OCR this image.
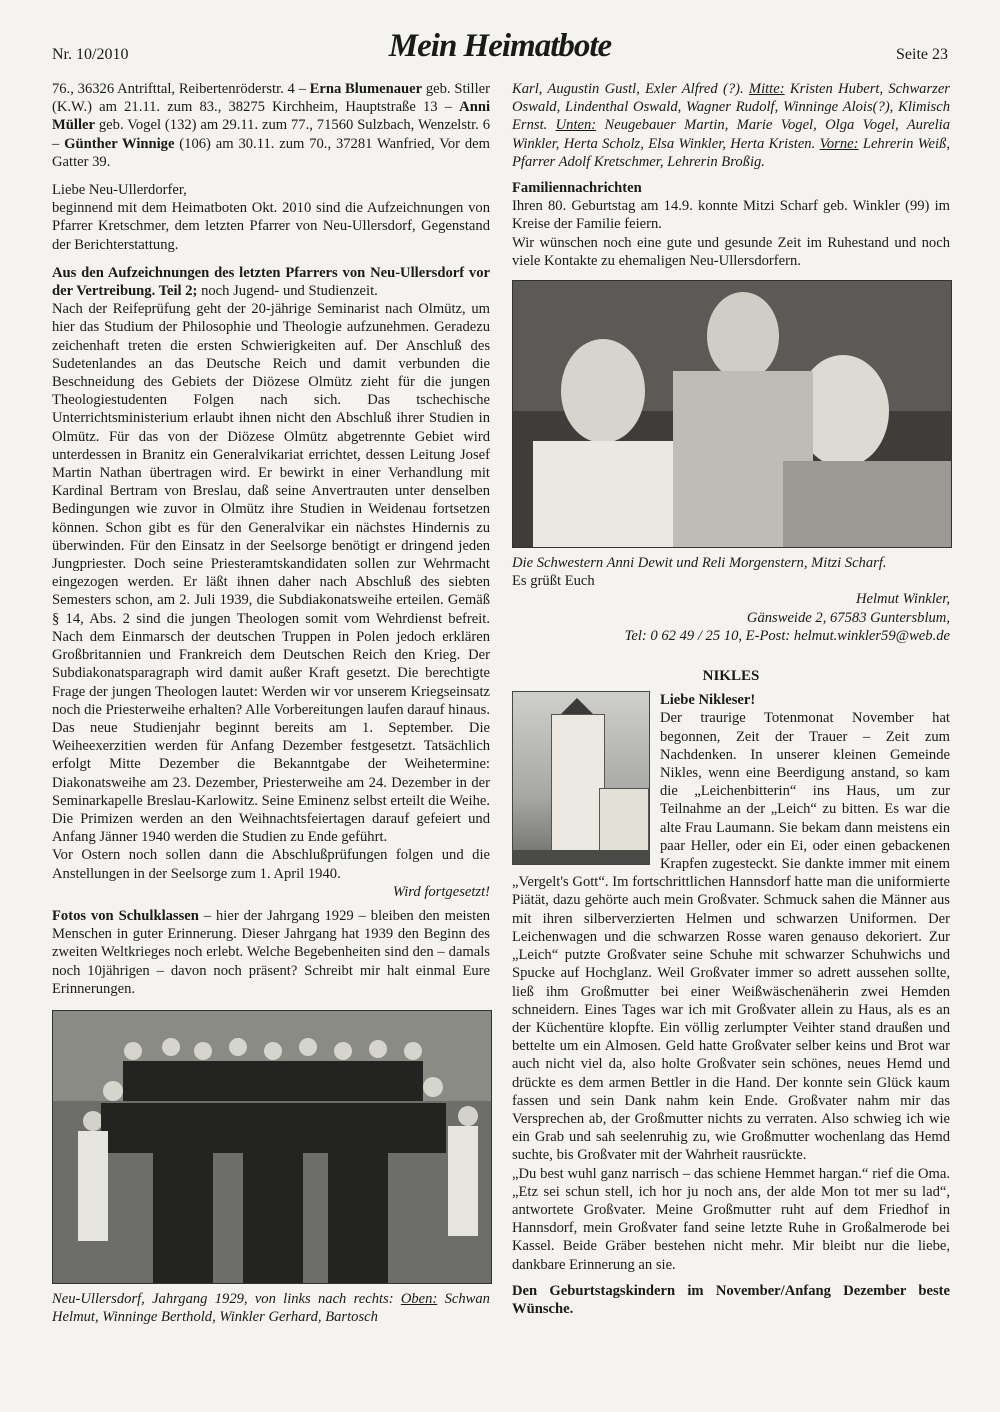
Nr. 10/2010	Mein Heimatbote	Seite 23

76., 36326 Antrifttal, Reibertenröderstr. 4 – Erna Blumenauer geb. Stiller (K.W.) am 21.11. zum 83., 38275 Kirchheim, Hauptstraße 13 – Anni Müller geb. Vogel (132) am 29.11. zum 77., 71560 Sulzbach, Wenzelstr. 6 – Günther Winnige (106) am 30.11. zum 70., 37281 Wanfried, Vor dem Gatter 39.

Liebe Neu-Ullerdorfer,

beginnend mit dem Heimatboten Okt. 2010 sind die Aufzeichnungen von Pfarrer Kretschmer, dem letzten Pfarrer von Neu-Ullersdorf, Gegenstand der Berichterstattung.

Aus den Aufzeichnungen des letzten Pfarrers von Neu-Ullersdorf vor der Vertreibung. Teil 2; noch Jugend- und Studienzeit.

Nach der Reifeprüfung geht der 20-jährige Seminarist nach Olmütz, um hier das Studium der Philosophie und Theologie aufzunehmen. Geradezu zeichenhaft treten die ersten Schwierigkeiten auf. Der Anschluß des Sudetenlandes an das Deutsche Reich und damit verbunden die Beschneidung des Gebiets der Diözese Olmütz zieht für die jungen Theologiestudenten Folgen nach sich. Das tschechische Unterrichtsministerium erlaubt ihnen nicht den Abschluß ihrer Studien in Olmütz. Für das von der Diözese Olmütz abgetrennte Gebiet wird unterdessen in Branitz ein Generalvikariat errichtet, dessen Leitung Josef Martin Nathan übertragen wird. Er bewirkt in einer Verhandlung mit Kardinal Bertram von Breslau, daß seine Anvertrauten unter denselben Bedingungen wie zuvor in Olmütz ihre Studien in Weidenau fortsetzen können. Schon gibt es für den Generalvikar ein nächstes Hindernis zu überwinden. Für den Einsatz in der Seelsorge benötigt er dringend jeden Jungpriester. Doch seine Priesteramtskandidaten sollen zur Wehrmacht eingezogen werden. Er läßt ihnen daher nach Abschluß des siebten Semesters schon, am 2. Juli 1939, die Subdiakonatsweihe erteilen. Gemäß § 14, Abs. 2 sind die jungen Theologen somit vom Wehrdienst befreit. Nach dem Einmarsch der deutschen Truppen in Polen jedoch erklären Großbritannien und Frankreich dem Deutschen Reich den Krieg. Der Subdiakonatsparagraph wird damit außer Kraft gesetzt. Die berechtigte Frage der jungen Theologen lautet: Werden wir vor unserem Kriegseinsatz noch die Priesterweihe erhalten? Alle Vorbereitungen laufen darauf hinaus. Das neue Studienjahr beginnt bereits am 1. September. Die Weiheexerzitien werden für Anfang Dezember festgesetzt. Tatsächlich erfolgt Mitte Dezember die Bekanntgabe der Weihetermine: Diakonatsweihe am 23. Dezember, Priesterweihe am 24. Dezember in der Seminarkapelle Breslau-Karlowitz. Seine Eminenz selbst erteilt die Weihe. Die Primizen werden an den Weihnachtsfeiertagen darauf gefeiert und Anfang Jänner 1940 werden die Studien zu Ende geführt.

Vor Ostern noch sollen dann die Abschlußprüfungen folgen und die Anstellungen in der Seelsorge zum 1. April 1940.

Wird fortgesetzt!

Fotos von Schulklassen – hier der Jahrgang 1929 – bleiben den meisten Menschen in guter Erinnerung. Dieser Jahrgang hat 1939 den Beginn des zweiten Weltkrieges noch erlebt. Welche Begebenheiten sind den – damals noch 10jährigen – davon noch präsent? Schreibt mir halt einmal Eure Erinnerungen.

Neu-Ullersdorf, Jahrgang 1929, von links nach rechts: Oben: Schwan Helmut, Winninge Berthold, Winkler Gerhard, Bartosch

Karl, Augustin Gustl, Exler Alfred (?). Mitte: Kristen Hubert, Schwarzer Oswald, Lindenthal Oswald, Wagner Rudolf, Winninge Alois(?), Klimisch Ernst. Unten: Neugebauer Martin, Marie Vogel, Olga Vogel, Aurelia Winkler, Herta Scholz, Elsa Winkler, Herta Kristen. Vorne: Lehrerin Weiß, Pfarrer Adolf Kretschmer, Lehrerin Broßig.

Familiennachrichten

Ihren 80. Geburtstag am 14.9. konnte Mitzi Scharf geb. Winkler (99) im Kreise der Familie feiern.

Wir wünschen noch eine gute und gesunde Zeit im Ruhestand und noch viele Kontakte zu ehemaligen Neu-Ullersdorfern.

Die Schwestern Anni Dewit und Reli Morgenstern, Mitzi Scharf.

Es grüßt Euch

Helmut Winkler,

Gänsweide 2, 67583 Guntersblum,

Tel: 0 62 49 / 25 10, E-Post: helmut.winkler59@web.de

NIKLES

Liebe Nikleser!

Der traurige Totenmonat November hat begonnen, Zeit der Trauer – Zeit zum Nachdenken. In unserer kleinen Gemeinde Nikles, wenn eine Beerdigung anstand, so kam die „Leichenbitterin“ ins Haus, um zur Teilnahme an der „Leich“ zu bitten. Es war die alte Frau Laumann. Sie bekam dann meistens ein paar Heller, oder ein Ei, oder einen gebackenen Krapfen zugesteckt. Sie dankte immer mit einem „Vergelt's Gott“. Im fortschrittlichen Hannsdorf hatte man die uniformierte Piätät, dazu gehörte auch mein Großvater. Schmuck sahen die Männer aus mit ihren silberverzierten Helmen und schwarzen Uniformen. Der Leichenwagen und die schwarzen Rosse waren genauso dekoriert. Zur „Leich“ putzte Großvater seine Schuhe mit schwarzer Schuhwichs und Spucke auf Hochglanz. Weil Großvater immer so adrett aussehen sollte, ließ ihm Großmutter bei einer Weißwäschenäherin zwei Hemden schneidern. Eines Tages war ich mit Großvater allein zu Haus, als es an der Küchentüre klopfte. Ein völlig zerlumpter Veihter stand draußen und bettelte um ein Almosen. Geld hatte Großvater selber keins und Brot war auch nicht viel da, also holte Großvater sein schönes, neues Hemd und drückte es dem armen Bettler in die Hand. Der konnte sein Glück kaum fassen und sein Dank nahm kein Ende. Großvater nahm mir das Versprechen ab, der Großmutter nichts zu verraten. Also schwieg ich wie ein Grab und sah seelenruhig zu, wie Großmutter wochenlang das Hemd suchte, bis Großvater mit der Wahrheit rausrückte.

„Du best wuhl ganz narrisch – das schiene Hemmet hargan.“ rief die Oma. „Etz sei schun stell, ich hor ju noch ans, der alde Mon tot mer su lad“, antwortete Großvater. Meine Großmutter ruht auf dem Friedhof in Hannsdorf, mein Großvater fand seine letzte Ruhe in Großalmerode bei Kassel. Beide Gräber bestehen nicht mehr. Mir bleibt nur die liebe, dankbare Erinnerung an sie.

Den Geburtstagskindern im November/Anfang Dezember beste Wünsche.
